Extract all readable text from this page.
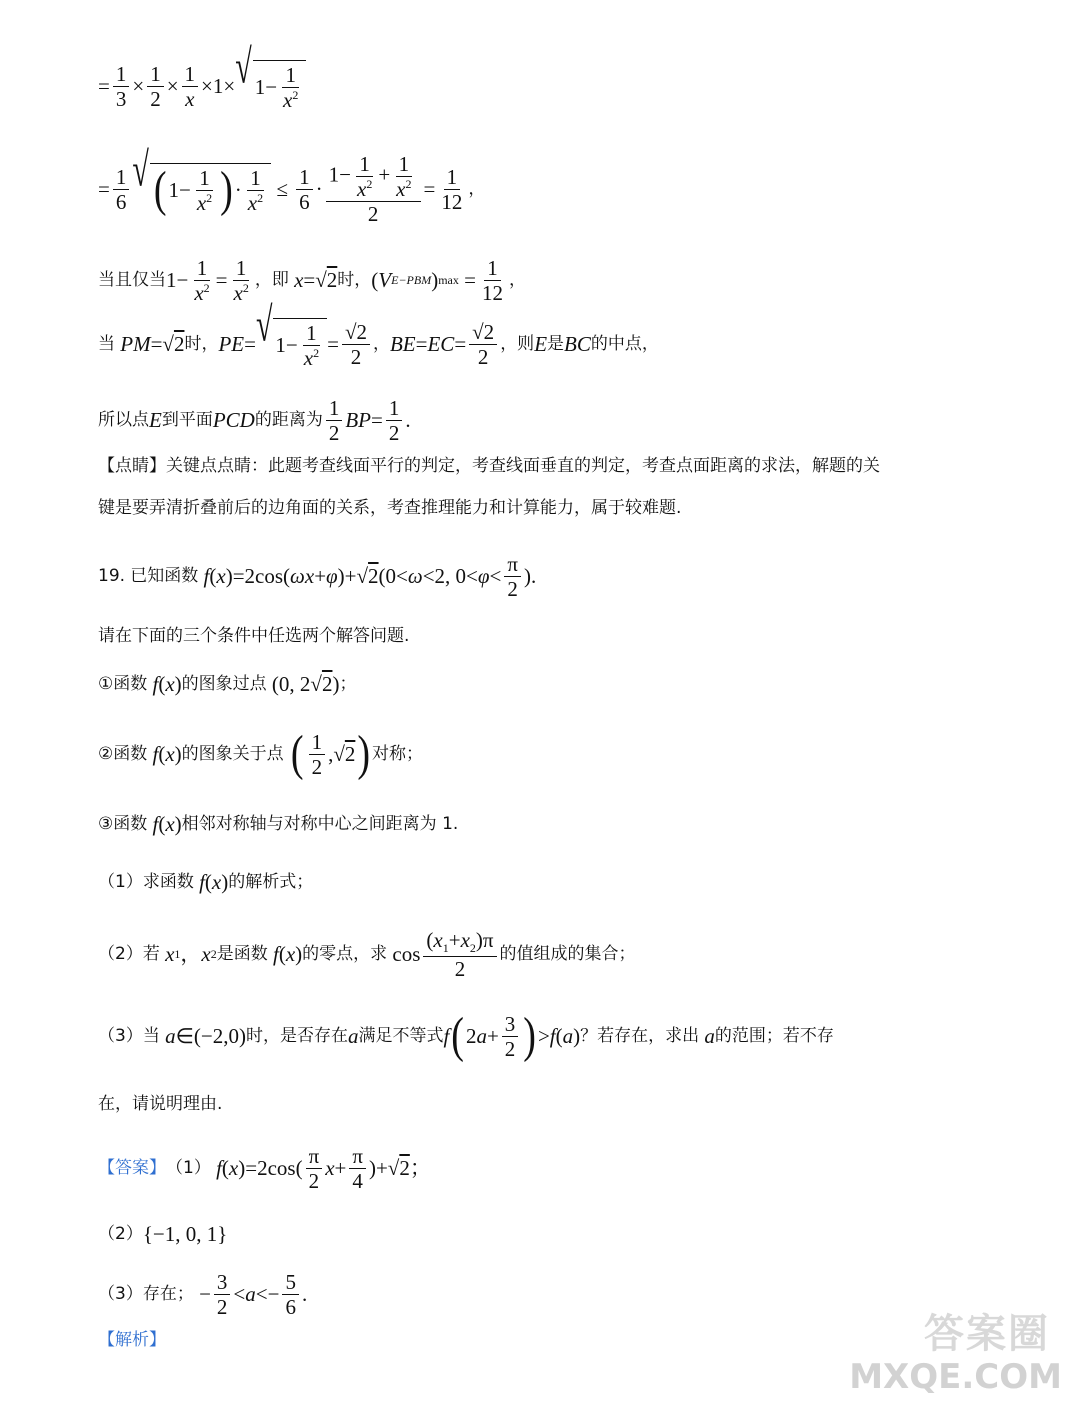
= $\frac{1}{3} \times \frac{1}{2} \times \frac{1}{x} \times 1\times$ √ $1- \frac{1}{x^2}$
= $\frac{1}{6}$ √ ( $1- \frac{1}{x^2}$ ) · $\frac{1}{x^2} \le \frac{1}{6} \cdot \frac{1- \frac{1}{x^2} + \frac{1}{x^2}}{2} = \frac{1}{12}$ ，
当且仅当 $1- \frac{1}{x^2} = \frac{1}{x^2}$ ，即
x =√ 2 时， ( V E−PBM ) $\max = \frac{1}{12}$ ，
当
PM =√ 2 时， PE = √ $1- \frac{1}{x^2} = \frac{√2}{2}$ ， BE = EC = $\frac{√2}{2}$ ，则 E 是 BC 的中点，
所以点 E 到平面 PCD 的距离为 $\frac{1}{2}$ BP = $\frac{1}{2}$ .
【点睛】 关键点点睛：此题考查线面平行的判定，考查线面垂直的判定，考查点面距离的求法，解题的关
键是要弄清折叠前后的边角面的关系，考查推理能力和计算能力，属于较难题.
19.
已知函数
f ( x )=2cos( ωx + φ )+√ 2 (0< ω <2, $0< \varphi < \frac{\pi}{2}$ ).
请在下面的三个条件中任选两个解答问题.
①函数
f ( x ) 的图象过点 (0, 2√ 2 ) ；
②函数
f ( x ) 的图象关于点
( $\frac{1}{2}$ ,√ 2 ) 对称；
③函数
f ( x ) 相邻对称轴与对称中心之间距离为 1.
（1）求函数
f ( x ) 的解析式；
（2）若
x 1 ， x 2 是函数
f ( x ) 的零点，求 $\cos \frac{(x_1+x_2)\pi}{2}$ 的值组成的集合；
（3）当
a ∈(−2,0) 时，是否存在 a 满足不等式 f ( 2 $a + \frac{3}{2}$ ) > f ( a ) ？若存在，求出
a 的范围；若不存
在，请说明理由.
【答案】 （1）
f ( x )$=2\cos( \frac{\pi}{2}$ $x + \frac{\pi}{4}$ )+√ 2 ；
（2） {−1, 0, 1}
（3）存在； − $\frac{3}{2} < a <- \frac{5}{6}$ .
【解析】	答案圈
MXQE.COM
